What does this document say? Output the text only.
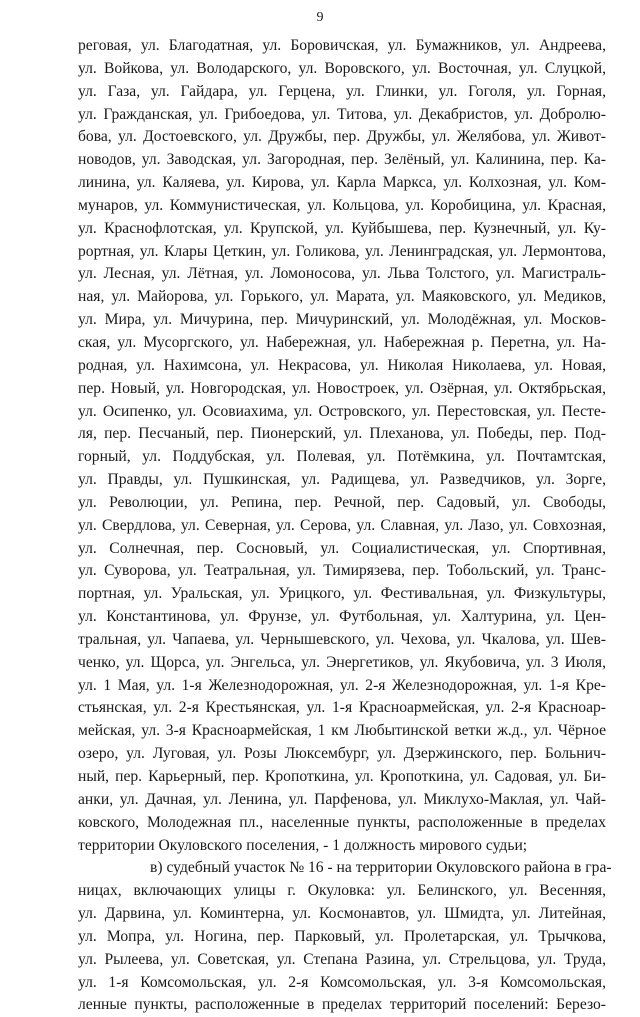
9
реговая, ул. Благодатная, ул. Боровичская, ул. Бумажников, ул. Андреева,
ул. Войкова, ул. Володарского, ул. Воровского, ул. Восточная, ул. Слуцкой,
ул. Газа, ул. Гайдара, ул. Герцена, ул. Глинки, ул. Гоголя, ул. Горная,
ул. Гражданская, ул. Грибоедова, ул. Титова, ул. Декабристов, ул. Добролю-
бова, ул. Достоевского, ул. Дружбы, пер. Дружбы, ул. Желябова, ул. Живот-
новодов, ул. Заводская, ул. Загородная, пер. Зелёный, ул. Калинина, пер. Ка-
линина, ул. Каляева, ул. Кирова, ул. Карла Маркса, ул. Колхозная, ул. Ком-
мунаров, ул. Коммунистическая, ул. Кольцова, ул. Коробицина, ул. Красная,
ул. Краснофлотская, ул. Крупской, ул. Куйбышева, пер. Кузнечный, ул. Ку-
рортная, ул. Клары Цеткин, ул. Голикова, ул. Ленинградская, ул. Лермонтова,
ул. Лесная, ул. Лётная, ул. Ломоносова, ул. Льва Толстого, ул. Магистраль-
ная, ул. Майорова, ул. Горького, ул. Марата, ул. Маяковского, ул. Медиков,
ул. Мира, ул. Мичурина, пер. Мичуринский, ул. Молодёжная, ул. Москов-
ская, ул. Мусоргского, ул. Набережная, ул. Набережная р. Перетна, ул. На-
родная, ул. Нахимсона, ул. Некрасова, ул. Николая Николаева, ул. Новая,
пер. Новый, ул. Новгородская, ул. Новостроек, ул. Озёрная, ул. Октябрьская,
ул. Осипенко, ул. Осовиахима, ул. Островского, ул. Перестовская, ул. Песте-
ля, пер. Песчаный, пер. Пионерский, ул. Плеханова, ул. Победы, пер. Под-
горный, ул. Поддубская, ул. Полевая, ул. Потёмкина, ул. Почтамтская,
ул. Правды, ул. Пушкинская, ул. Радищева, ул. Разведчиков, ул. Зорге,
ул. Революции, ул. Репина, пер. Речной, пер. Садовый, ул. Свободы,
ул. Свердлова, ул. Северная, ул. Серова, ул. Славная, ул. Лазо, ул. Совхозная,
ул. Солнечная, пер. Сосновый, ул. Социалистическая, ул. Спортивная,
ул. Суворова, ул. Театральная, ул. Тимирязева, пер. Тобольский, ул. Транс-
портная, ул. Уральская, ул. Урицкого, ул. Фестивальная, ул. Физкультуры,
ул. Константинова, ул. Фрунзе, ул. Футбольная, ул. Халтурина, ул. Цен-
тральная, ул. Чапаева, ул. Чернышевского, ул. Чехова, ул. Чкалова, ул. Шев-
ченко, ул. Щорса, ул. Энгельса, ул. Энергетиков, ул. Якубовича, ул. 3 Июля,
ул. 1 Мая, ул. 1-я Железнодорожная, ул. 2-я Железнодорожная, ул. 1-я Кре-
стьянская, ул. 2-я Крестьянская, ул. 1-я Красноармейская, ул. 2-я Красноар-
мейская, ул. 3-я Красноармейская, 1 км Любытинской ветки ж.д., ул. Чёрное
озеро, ул. Луговая, ул. Розы Люксембург, ул. Дзержинского, пер. Больнич-
ный, пер. Карьерный, пер. Кропоткина, ул. Кропоткина, ул. Садовая, ул. Би-
анки, ул. Дачная, ул. Ленина, ул. Парфенова, ул. Миклухо-Маклая, ул. Чай-
ковского, Молодежная пл., населенные пункты, расположенные в пределах
территории Окуловского поселения, - 1 должность мирового судьи;
в) судебный участок № 16 - на территории Окуловского района в гра-
ницах, включающих улицы г. Окуловка: ул. Белинского, ул. Весенняя,
ул. Дарвина, ул. Коминтерна, ул. Космонавтов, ул. Шмидта, ул. Литейная,
ул. Мопра, ул. Ногина, пер. Парковый, ул. Пролетарская, ул. Трычкова,
ул. Рылеева, ул. Советская, ул. Степана Разина, ул. Стрельцова, ул. Труда,
ул. 1-я Комсомольская, ул. 2-я Комсомольская, ул. 3-я Комсомольская,
ленные пункты, расположенные в пределах территорий поселений: Березо-
